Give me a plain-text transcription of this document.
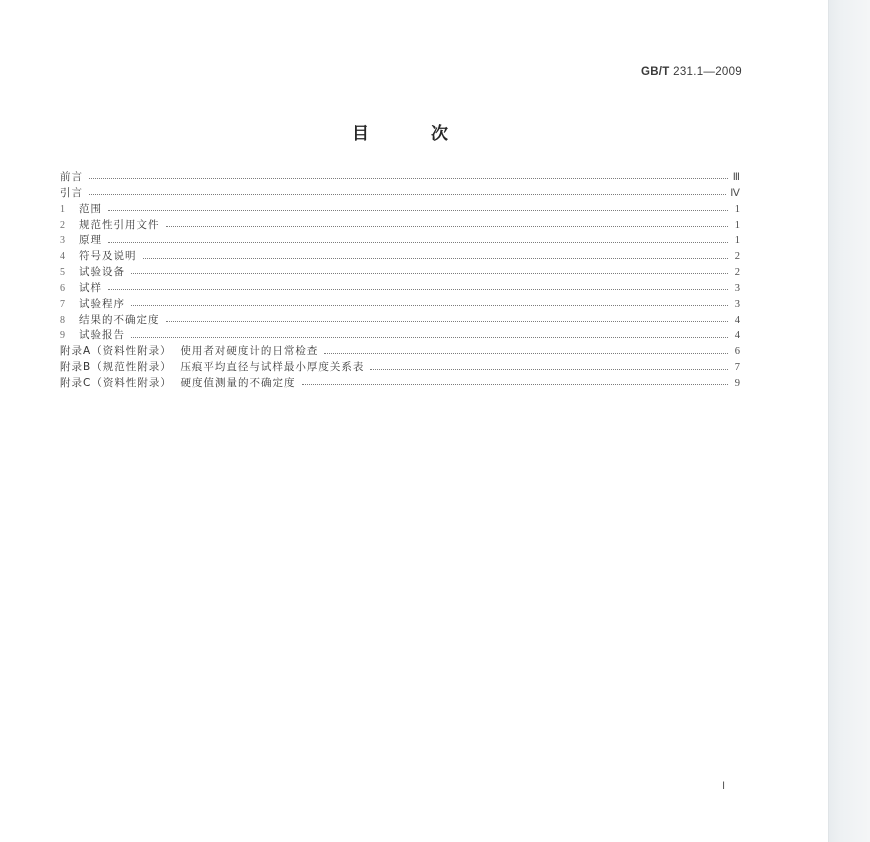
GB/T 231.1—2009
目	次
前言	Ⅲ
引言	Ⅳ
1	范围	1
2	规范性引用文件	1
3	原理	1
4	符号及说明	2
5	试验设备	2
6	试样	3
7	试验程序	3
8	结果的不确定度	4
9	试验报告	4
附录A（资料性附录）  使用者对硬度计的日常检查	6
附录B（规范性附录）  压痕平均直径与试样最小厚度关系表	7
附录C（资料性附录）  硬度值测量的不确定度	9
Ⅰ
